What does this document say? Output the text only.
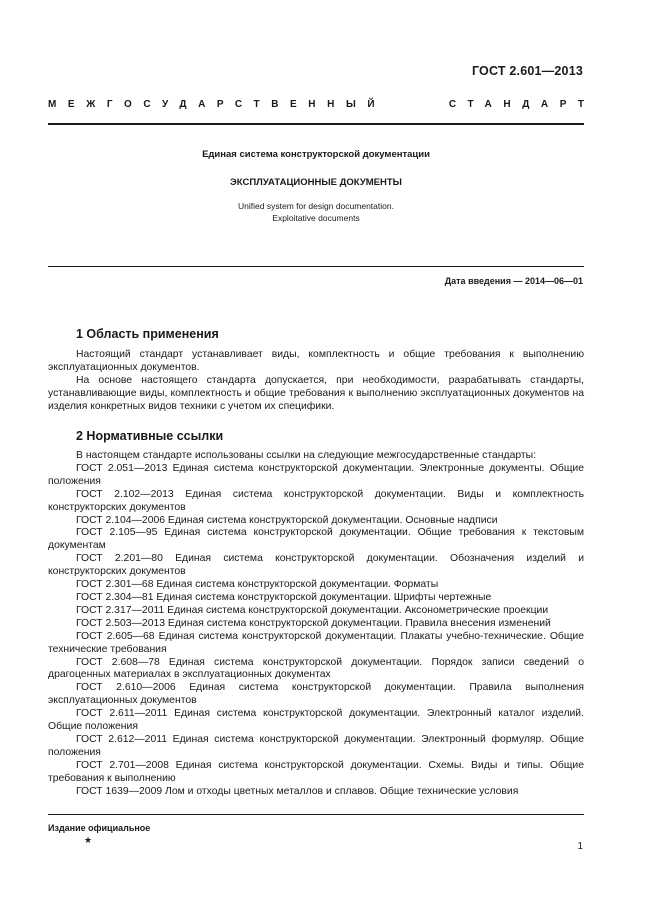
ГОСТ 2.601—2013
МЕЖГОСУДАРСТВЕННЫЙ	СТАНДАРТ
Единая система конструкторской документации
ЭКСПЛУАТАЦИОННЫЕ ДОКУМЕНТЫ
Unified system for design documentation.
Exploitative documents
Дата введения — 2014—06—01
1 Область применения

Настоящий стандарт устанавливает виды, комплектность и общие требования к выполнению эксплуатационных документов.

На основе настоящего стандарта допускается, при необходимости, разрабатывать стандарты, устанавливающие виды, комплектность и общие требования к выполнению эксплуатационных документов на изделия конкретных видов техники с учетом их специфики.

2 Нормативные ссылки

В настоящем стандарте использованы ссылки на следующие межгосударственные стандарты:

ГОСТ 2.051—2013 Единая система конструкторской документации. Электронные документы. Общие положения

ГОСТ 2.102—2013 Единая система конструкторской документации. Виды и комплектность конструкторских документов

ГОСТ 2.104—2006 Единая система конструкторской документации. Основные надписи

ГОСТ 2.105—95 Единая система конструкторской документации. Общие требования к текстовым документам

ГОСТ 2.201—80 Единая система конструкторской документации. Обозначения изделий и конструкторских документов

ГОСТ 2.301—68 Единая система конструкторской документации. Форматы

ГОСТ 2.304—81 Единая система конструкторской документации. Шрифты чертежные

ГОСТ 2.317—2011 Единая система конструкторской документации. Аксонометрические проекции

ГОСТ 2.503—2013 Единая система конструкторской документации. Правила внесения изменений

ГОСТ 2.605—68 Единая система конструкторской документации. Плакаты учебно-технические. Общие технические требования

ГОСТ 2.608—78 Единая система конструкторской документации. Порядок записи сведений о драгоценных материалах в эксплуатационных документах

ГОСТ 2.610—2006 Единая система конструкторской документации. Правила выполнения эксплуатационных документов

ГОСТ 2.611—2011 Единая система конструкторской документации. Электронный каталог изделий. Общие положения

ГОСТ 2.612—2011 Единая система конструкторской документации. Электронный формуляр. Общие положения

ГОСТ 2.701—2008 Единая система конструкторской документации. Схемы. Виды и типы. Общие требования к выполнению

ГОСТ 1639—2009 Лом и отходы цветных металлов и сплавов. Общие технические условия

Издание официальное
★
1
